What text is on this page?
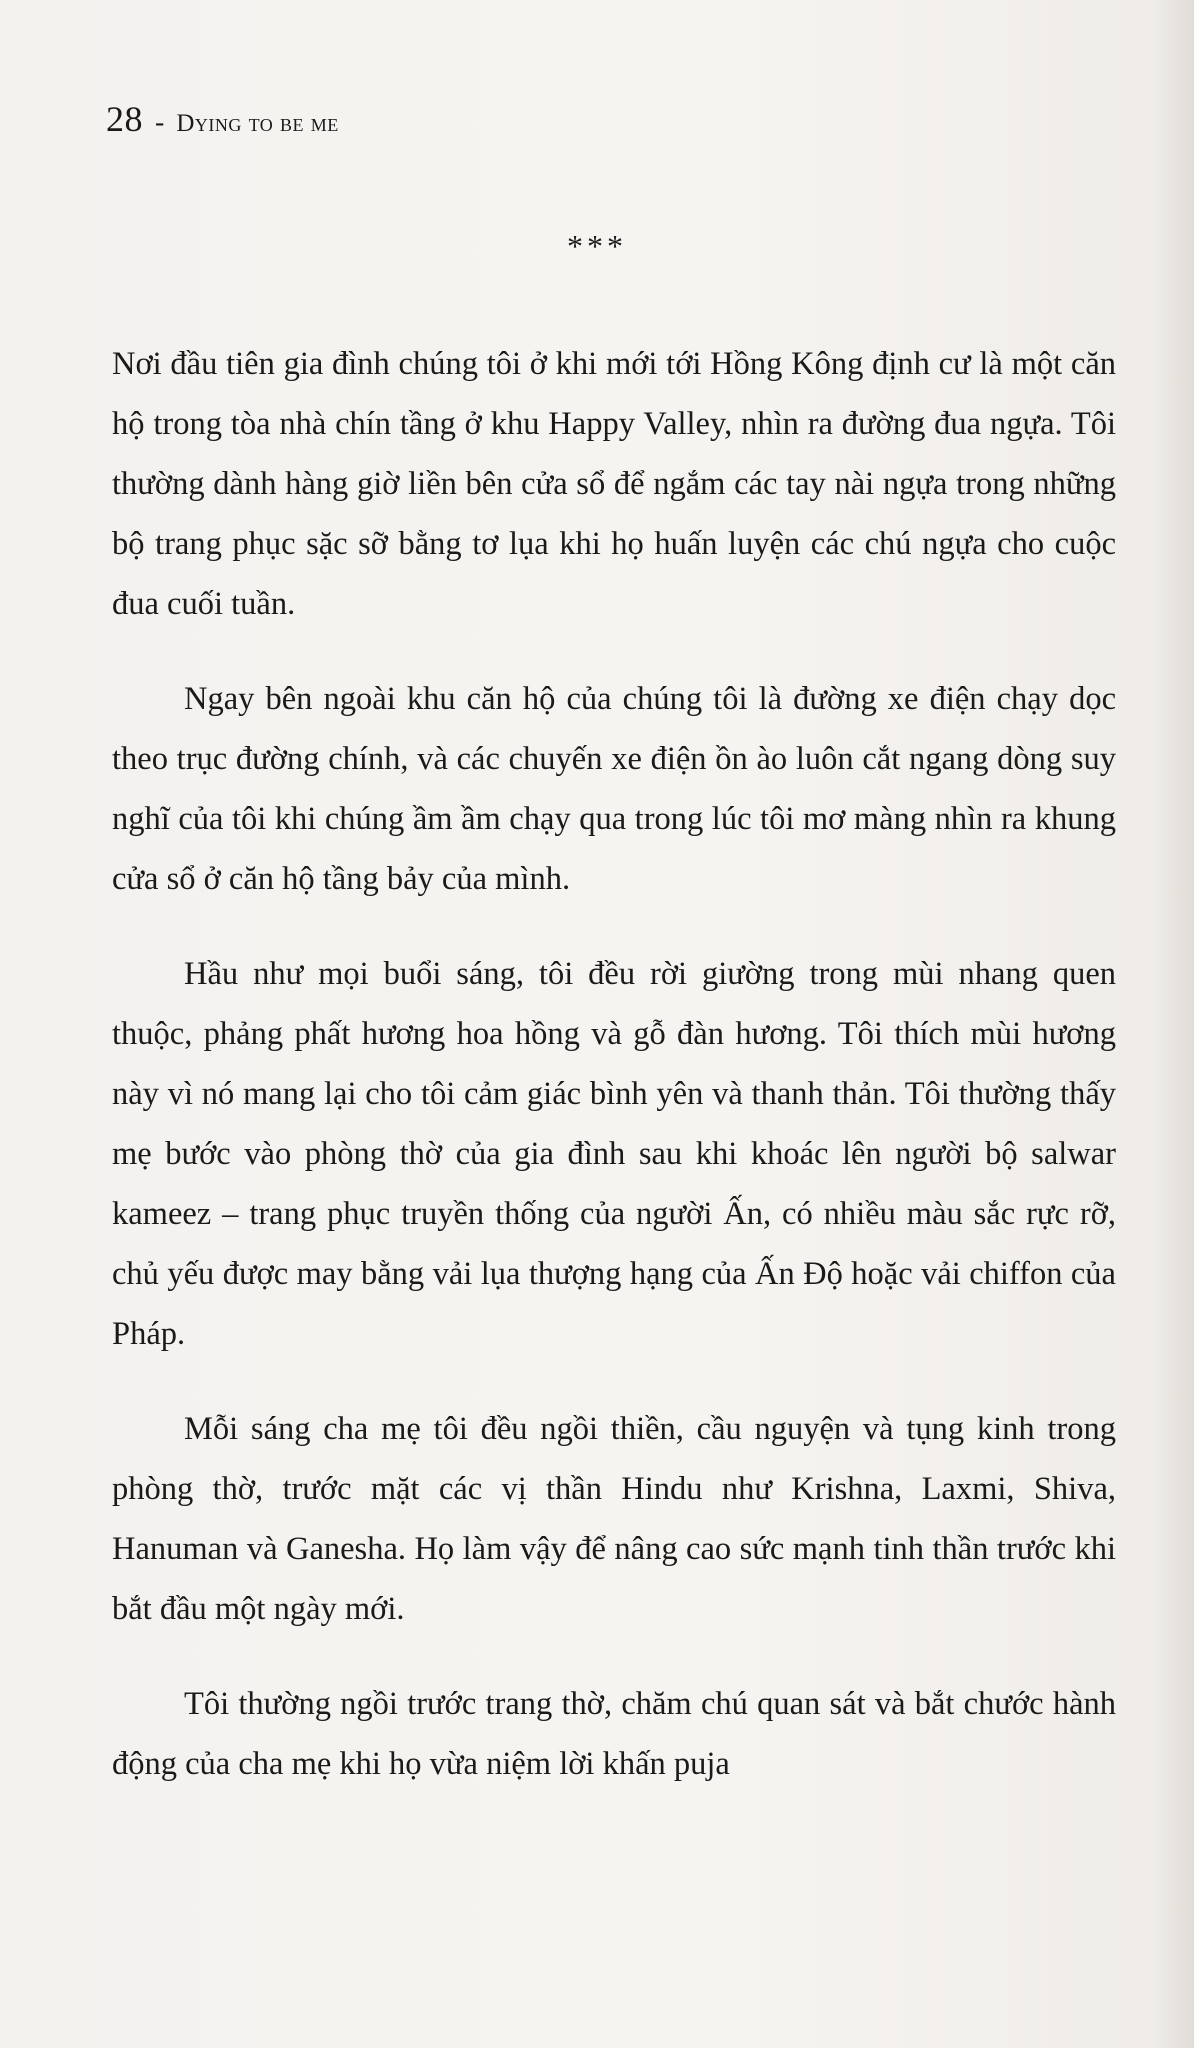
28 - Dying to be me
***

Nơi đầu tiên gia đình chúng tôi ở khi mới tới Hồng Kông định cư là một căn hộ trong tòa nhà chín tầng ở khu Happy Valley, nhìn ra đường đua ngựa. Tôi thường dành hàng giờ liền bên cửa sổ để ngắm các tay nài ngựa trong những bộ trang phục sặc sỡ bằng tơ lụa khi họ huấn luyện các chú ngựa cho cuộc đua cuối tuần.

Ngay bên ngoài khu căn hộ của chúng tôi là đường xe điện chạy dọc theo trục đường chính, và các chuyến xe điện ồn ào luôn cắt ngang dòng suy nghĩ của tôi khi chúng ầm ầm chạy qua trong lúc tôi mơ màng nhìn ra khung cửa sổ ở căn hộ tầng bảy của mình.

Hầu như mọi buổi sáng, tôi đều rời giường trong mùi nhang quen thuộc, phảng phất hương hoa hồng và gỗ đàn hương. Tôi thích mùi hương này vì nó mang lại cho tôi cảm giác bình yên và thanh thản. Tôi thường thấy mẹ bước vào phòng thờ của gia đình sau khi khoác lên người bộ salwar kameez – trang phục truyền thống của người Ấn, có nhiều màu sắc rực rỡ, chủ yếu được may bằng vải lụa thượng hạng của Ấn Độ hoặc vải chiffon của Pháp.

Mỗi sáng cha mẹ tôi đều ngồi thiền, cầu nguyện và tụng kinh trong phòng thờ, trước mặt các vị thần Hindu như Krishna, Laxmi, Shiva, Hanuman và Ganesha. Họ làm vậy để nâng cao sức mạnh tinh thần trước khi bắt đầu một ngày mới.

Tôi thường ngồi trước trang thờ, chăm chú quan sát và bắt chước hành động của cha mẹ khi họ vừa niệm lời khấn puja
